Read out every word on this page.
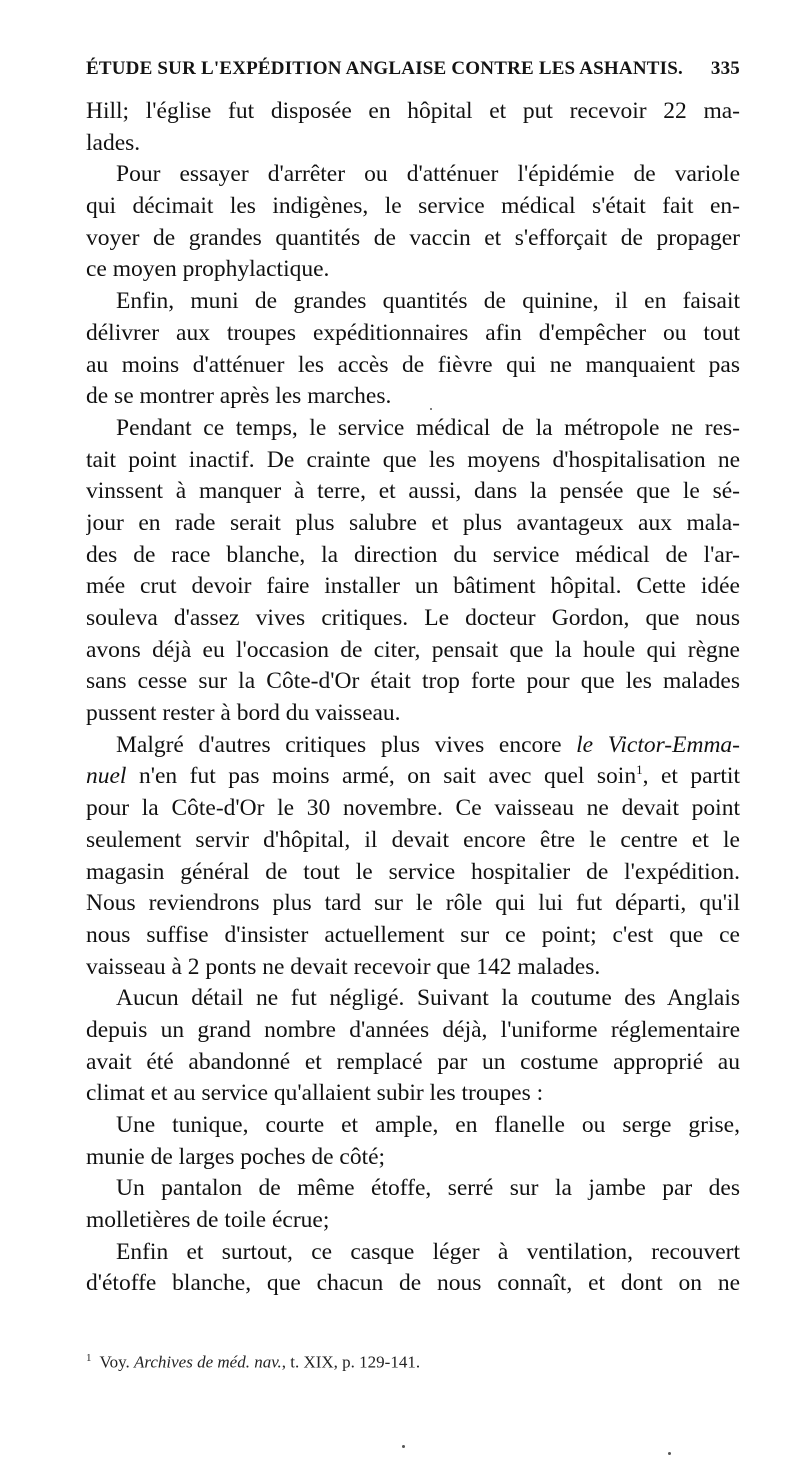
ÉTUDE SUR L'EXPÉDITION ANGLAISE CONTRE LES ASHANTIS. 335
Hill; l'église fut disposée en hôpital et put recevoir 22 ma-
lades.
Pour essayer d'arrêter ou d'atténuer l'épidémie de variole
qui décimait les indigènes, le service médical s'était fait en-
voyer de grandes quantités de vaccin et s'efforçait de propager
ce moyen prophylactique.
Enfin, muni de grandes quantités de quinine, il en faisait
délivrer aux troupes expéditionnaires afin d'empêcher ou tout
au moins d'atténuer les accès de fièvre qui ne manquaient pas
de se montrer après les marches.
Pendant ce temps, le service médical de la métropole ne res-
tait point inactif. De crainte que les moyens d'hospitalisation ne
vinssent à manquer à terre, et aussi, dans la pensée que le sé-
jour en rade serait plus salubre et plus avantageux aux mala-
des de race blanche, la direction du service médical de l'ar-
mée crut devoir faire installer un bâtiment hôpital. Cette idée
souleva d'assez vives critiques. Le docteur Gordon, que nous
avons déjà eu l'occasion de citer, pensait que la houle qui règne
sans cesse sur la Côte-d'Or était trop forte pour que les malades
pussent rester à bord du vaisseau.
Malgré d'autres critiques plus vives encore le Victor-Emma-
nuel n'en fut pas moins armé, on sait avec quel soin$^1$, et partit
pour la Côte-d'Or le 30 novembre. Ce vaisseau ne devait point
seulement servir d'hôpital, il devait encore être le centre et le
magasin général de tout le service hospitalier de l'expédition.
Nous reviendrons plus tard sur le rôle qui lui fut départi, qu'il
nous suffise d'insister actuellement sur ce point; c'est que ce
vaisseau à 2 ponts ne devait recevoir que 142 malades.
Aucun détail ne fut négligé. Suivant la coutume des Anglais
depuis un grand nombre d'années déjà, l'uniforme réglementaire
avait été abandonné et remplacé par un costume approprié au
climat et au service qu'allaient subir les troupes :
Une tunique, courte et ample, en flanelle ou serge grise,
munie de larges poches de côté;
Un pantalon de même étoffe, serré sur la jambe par des
molletières de toile écrue;
Enfin et surtout, ce casque léger à ventilation, recouvert
d'étoffe blanche, que chacun de nous connaît, et dont on ne
$^1$ Voy. Archives de méd. nav., t. XIX, p. 129-141.
